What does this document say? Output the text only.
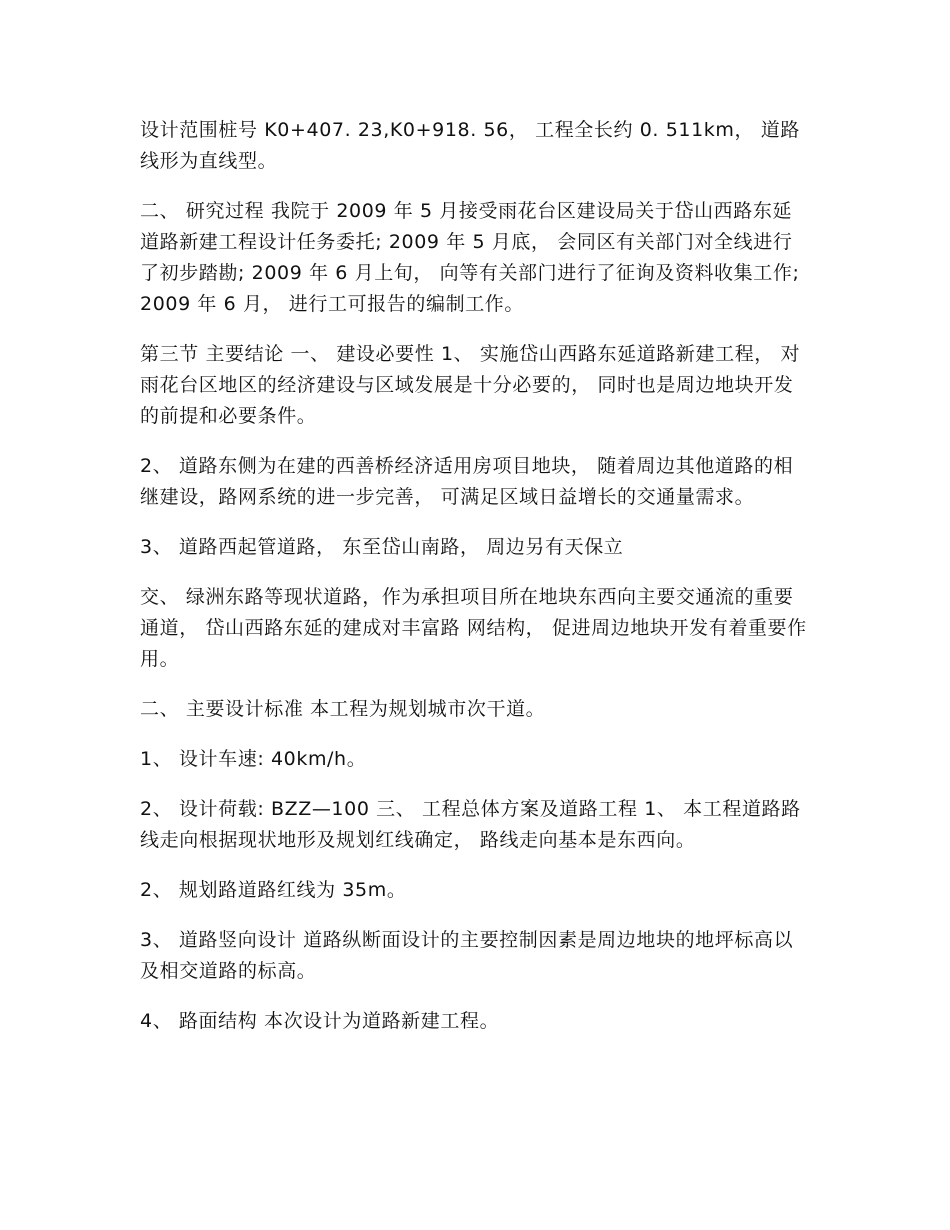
设计范围桩号 K0+407. 23,K0+918. 56， 工程全长约 0. 511km， 道路线形为直线型。

二、 研究过程 我院于 2009 年 5 月接受雨花台区建设局关于岱山西路东延道路新建工程设计任务委托; 2009 年 5 月底， 会同区有关部门对全线进行了初步踏勘; 2009 年 6 月上旬， 向等有关部门进行了征询及资料收集工作; 2009 年 6 月， 进行工可报告的编制工作。

第三节 主要结论 一、 建设必要性 1、 实施岱山西路东延道路新建工程， 对雨花台区地区的经济建设与区域发展是十分必要的， 同时也是周边地块开发的前提和必要条件。

2、 道路东侧为在建的西善桥经济适用房项目地块， 随着周边其他道路的相继建设，路网系统的进一步完善， 可满足区域日益增长的交通量需求。

3、 道路西起管道路， 东至岱山南路， 周边另有天保立

交、 绿洲东路等现状道路，作为承担项目所在地块东西向主要交通流的重要通道， 岱山西路东延的建成对丰富路 网结构， 促进周边地块开发有着重要作用。

二、 主要设计标准 本工程为规划城市次干道。

1、 设计车速: 40km/h。

2、 设计荷载: BZZ—100 三、 工程总体方案及道路工程 1、 本工程道路路线走向根据现状地形及规划红线确定， 路线走向基本是东西向。

2、 规划路道路红线为 35m。

3、 道路竖向设计 道路纵断面设计的主要控制因素是周边地块的地坪标高以及相交道路的标高。

4、 路面结构 本次设计为道路新建工程。
